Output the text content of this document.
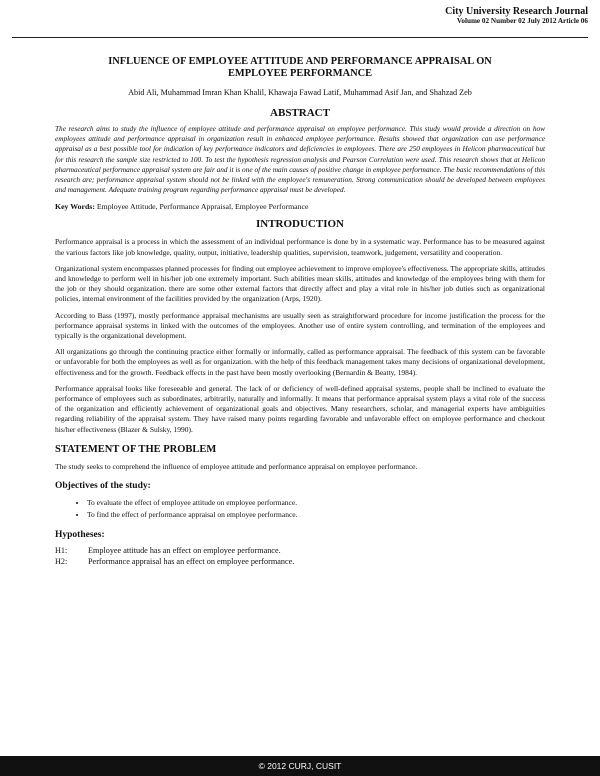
City University Research Journal
Volume 02 Number 02 July 2012 Article 06
INFLUENCE OF EMPLOYEE ATTITUDE AND PERFORMANCE APPRAISAL ON EMPLOYEE PERFORMANCE
Abid Ali, Muhammad Imran Khan Khalil, Khawaja Fawad Latif, Muhammad Asif Jan, and Shahzad Zeb
ABSTRACT
The research aims to study the influence of employee attitude and performance appraisal on employee performance. This study would provide a direction on how employees attitude and performance appraisal in organization result in enhanced employee performance. Results showed that organization can use performance appraisal as a best possible tool for indication of key performance indicators and deficiencies in employees. There are 250 employees in Helicon pharmaceutical but for this research the sample size restricted to 100. To test the hypothesis regression analysis and Pearson Correlation were used. This research shows that at Helicon pharmaceutical performance appraisal system are fair and it is one of the main causes of positive change in employee performance. The basic recommendations of this research are; performance appraisal system should not be linked with the employee's remuneration. Strong communication should be developed between employees and management. Adequate training program regarding performance appraisal must be developed.
Key Words: Employee Attitude, Performance Appraisal, Employee Performance
INTRODUCTION
Performance appraisal is a process in which the assessment of an individual performance is done by in a systematic way. Performance has to be measured against the various factors like job knowledge, quality, output, initiative, leadership qualities, supervision, teamwork, judgement, versatility and cooperation.
Organizational system encompasses planned processes for finding out employee achievement to improve employee's effectiveness. The appropriate skills, attitudes and knowledge to perform well in his/her job one extremely important. Such abilities mean skills, attitudes and knowledge of the employees bring with them for the job or they should organization. there are some other external factors that directly affect and play a vital role in his/her job duties such as organizational policies, internal environment of the facilities provided by the organization (Arps, 1920).
According to Bass (1997), mostly performance appraisal mechanisms are usually seen as straightforward procedure for income justification the process for the performance appraisal systems in linked with the outcomes of the employees. Another use of entire system controlling, and termination of the employees and typically is the organizational development.
All organizations go through the continuing practice either formally or informally, called as performance appraisal. The feedback of this system can be favorable or unfavorable for both the employees as well as for organization. with the help of this feedback management takes many decisions of organizational development, effectiveness and for the growth. Feedback effects in the past have been mostly overlooking (Bernardin & Beatty, 1984).
Performance appraisal looks like foreseeable and general. The lack of or deficiency of well-defined appraisal systems, people shall be inclined to evaluate the performance of employees such as subordinates, arbitrarily, naturally and informally. It means that performance appraisal system plays a vital role of the success of the organization and efficiently achievement of organizational goals and objectives. Many researchers, scholar, and managerial experts have ambiguities regarding reliability of the appraisal system. They have raised many points regarding favorable and unfavorable effect on employee performance and checkout his/her effectiveness (Blazer & Sulsky, 1990).
STATEMENT OF THE PROBLEM
The study seeks to comprehend the influence of employee attitude and performance appraisal on employee performance.
Objectives of the study:
• To evaluate the effect of employee attitude on employee performance.
• To find the effect of performance appraisal on employee performance.
Hypotheses:
H1:	Employee attitude has an effect on employee performance.
H2:	Performance appraisal has an effect on employee performance.
© 2012 CURJ, CUSIT
